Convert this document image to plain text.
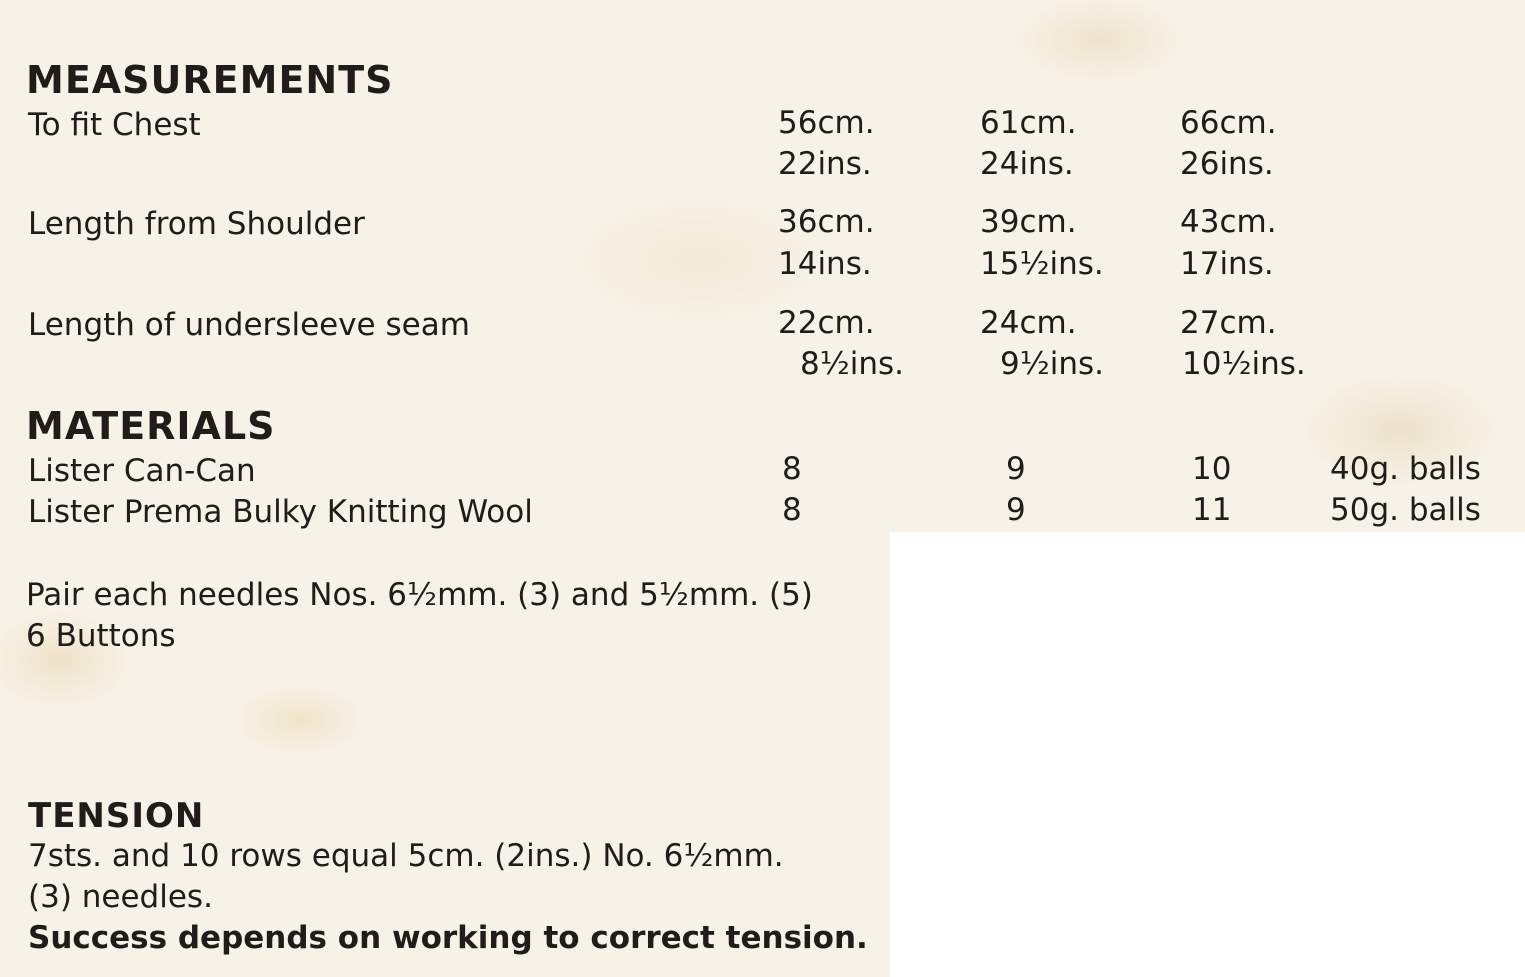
MEASUREMENTS
To fit Chest	56cm.	61cm.	66cm.
22ins.	24ins.	26ins.
Length from Shoulder	36cm.	39cm.	43cm.
14ins.	15½ins. 17ins.
Length of undersleeve seam	22cm.	24cm.	27cm.
8½ins.	9½ins.	10½ins.
MATERIALS
Lister Can-Can	8	9	10	40g. balls
Lister Prema Bulky Knitting Wool	8	9	11	50g. balls
Pair each needles Nos. 6½mm. (3) and 5½mm. (5)
6 Buttons
TENSION
7sts. and 10 rows equal 5cm. (2ins.) No. 6½mm.
(3) needles.
Success depends on working to correct tension.
